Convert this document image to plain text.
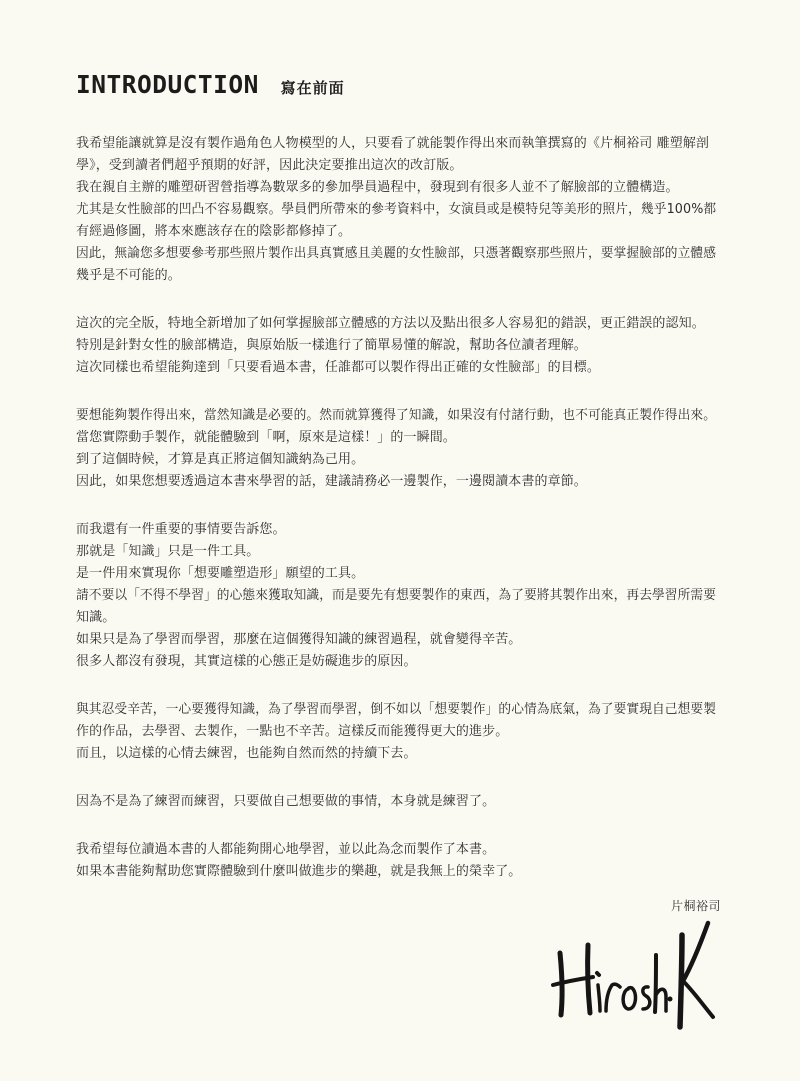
INTRODUCTION 寫在前面
我希望能讓就算是沒有製作過角色人物模型的人，只要看了就能製作得出來而執筆撰寫的《片桐裕司 雕塑解剖
學》，受到讀者們超乎預期的好評，因此決定要推出這次的改訂版。
我在親自主辦的雕塑研習營指導為數眾多的參加學員過程中，發現到有很多人並不了解臉部的立體構造。
尤其是女性臉部的凹凸不容易觀察。學員們所帶來的參考資料中，女演員或是模特兒等美形的照片，幾乎100%都
有經過修圖，將本來應該存在的陰影都修掉了。
因此，無論您多想要參考那些照片製作出具真實感且美麗的女性臉部，只憑著觀察那些照片，要掌握臉部的立體感
幾乎是不可能的。
這次的完全版，特地全新增加了如何掌握臉部立體感的方法以及點出很多人容易犯的錯誤，更正錯誤的認知。
特別是針對女性的臉部構造，與原始版一樣進行了簡單易懂的解說，幫助各位讀者理解。
這次同樣也希望能夠達到「只要看過本書，任誰都可以製作得出正確的女性臉部」的目標。
要想能夠製作得出來，當然知識是必要的。然而就算獲得了知識，如果沒有付諸行動，也不可能真正製作得出來。
當您實際動手製作，就能體驗到「啊，原來是這樣！」的一瞬間。
到了這個時候，才算是真正將這個知識納為己用。
因此，如果您想要透過這本書來學習的話，建議請務必一邊製作，一邊閱讀本書的章節。
而我還有一件重要的事情要告訴您。
那就是「知識」只是一件工具。
是一件用來實現你「想要雕塑造形」願望的工具。
請不要以「不得不學習」的心態來獲取知識，而是要先有想要製作的東西，為了要將其製作出來，再去學習所需要
知識。
如果只是為了學習而學習，那麼在這個獲得知識的練習過程，就會變得辛苦。
很多人都沒有發現，其實這樣的心態正是妨礙進步的原因。
與其忍受辛苦，一心要獲得知識，為了學習而學習，倒不如以「想要製作」的心情為底氣，為了要實現自己想要製
作的作品，去學習、去製作，一點也不辛苦。這樣反而能獲得更大的進步。
而且，以這樣的心情去練習，也能夠自然而然的持續下去。
因為不是為了練習而練習，只要做自己想要做的事情，本身就是練習了。
我希望每位讀過本書的人都能夠開心地學習，並以此為念而製作了本書。
如果本書能夠幫助您實際體驗到什麼叫做進步的樂趣，就是我無上的榮幸了。
片桐裕司
